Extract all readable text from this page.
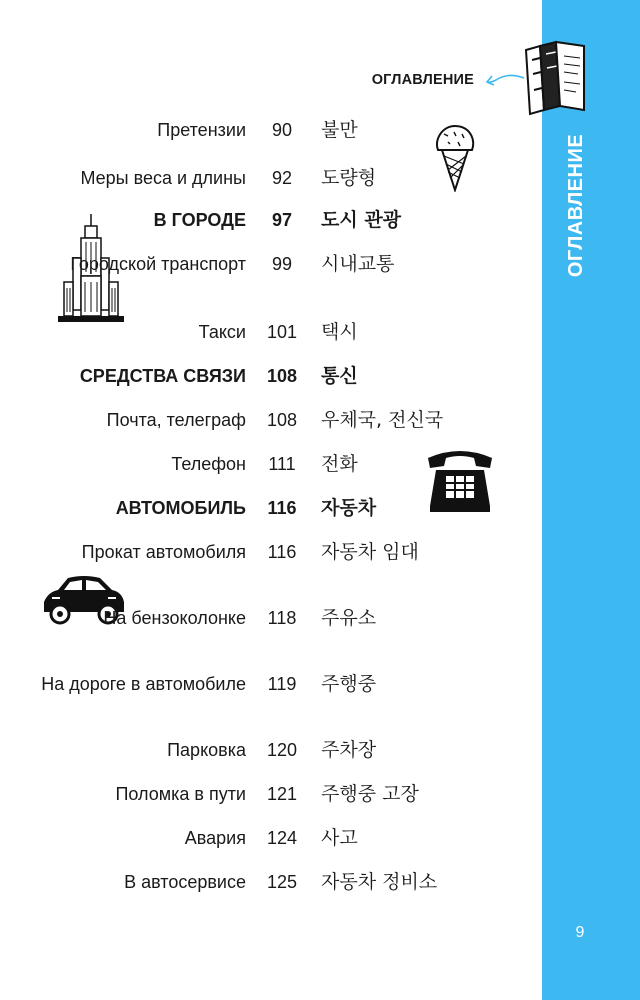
ОГЛАВЛЕНИЕ
9
ОГЛАВЛЕНИЕ
Претензии	90	불만
Меры веса и длины	92	도량형
В ГОРОДЕ	97	도시 관광
Городской транспорт	99	시내교통
Такси	101	택시
СРЕДСТВА СВЯЗИ	108	통신
Почта, телеграф	108	우체국, 전신국
Телефон	111	전화
АВТОМОБИЛЬ	116	자동차
Прокат автомобиля	116	자동차 임대
На бензоколонке	118	주유소
На дороге в автомобиле	119	주행중
Парковка	120	주차장
Поломка в пути	121	주행중 고장
Авария	124	사고
В автосервисе	125	자동차 정비소
